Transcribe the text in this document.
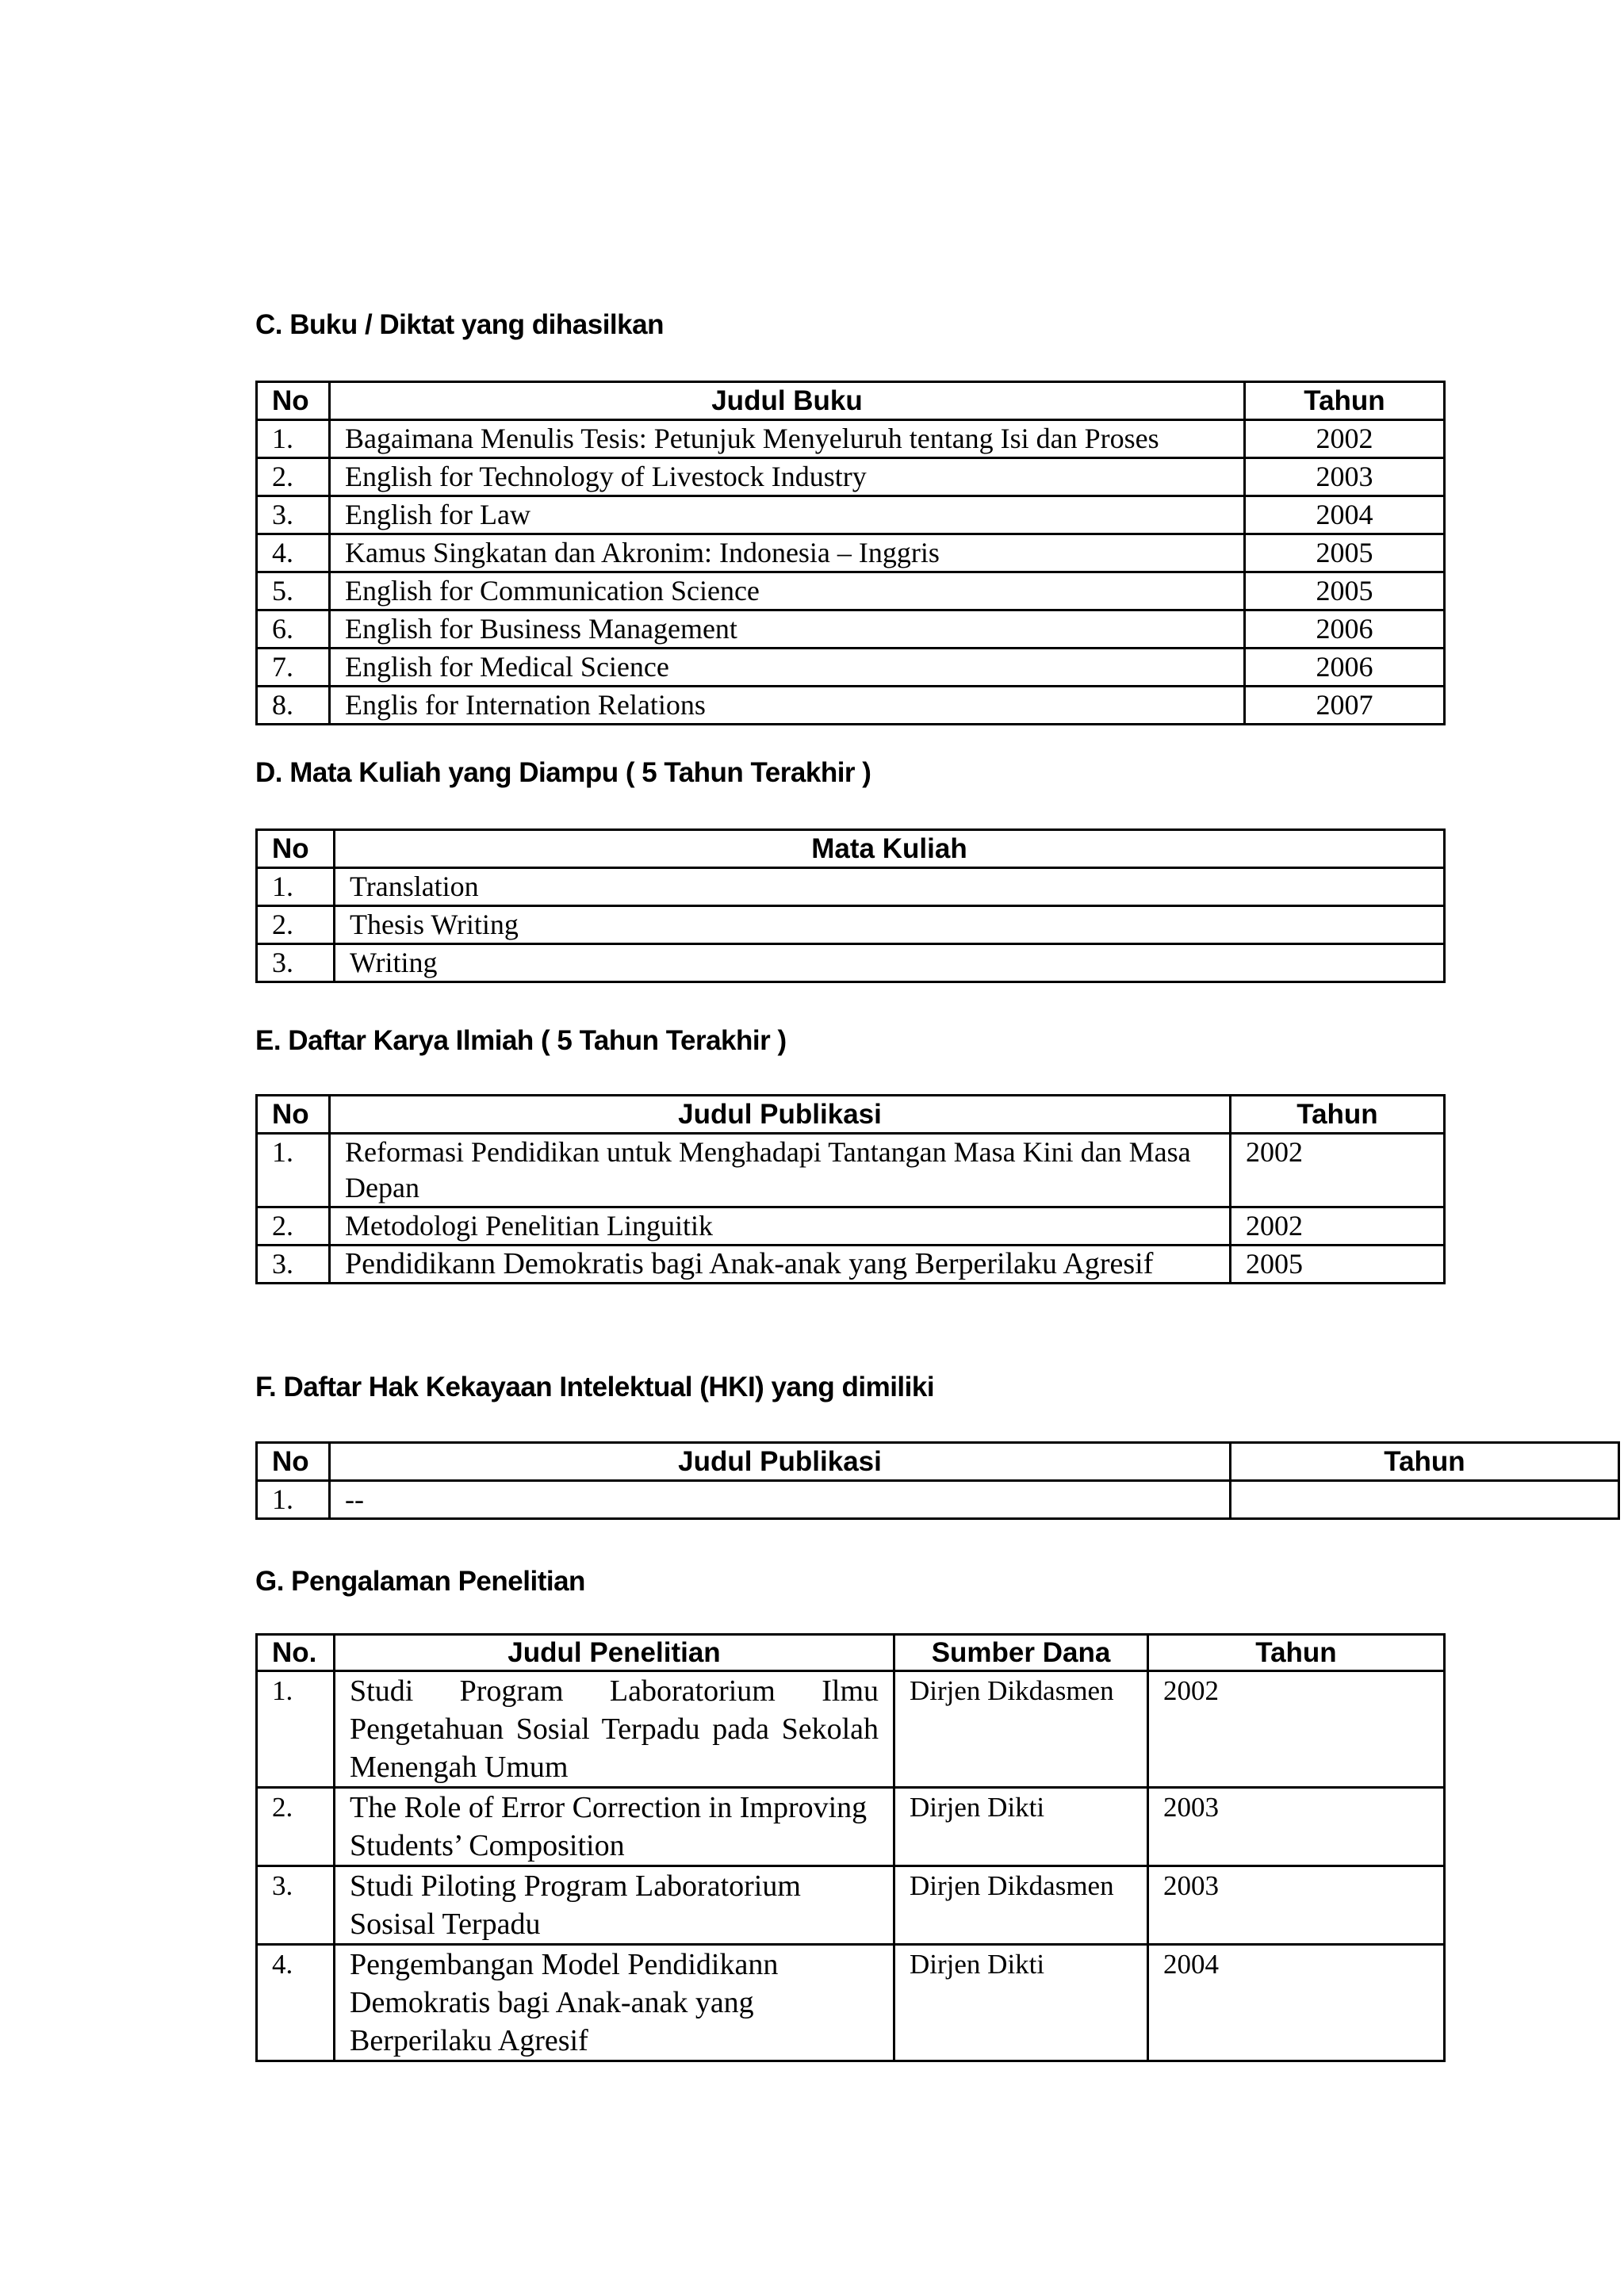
C. Buku / Diktat yang dihasilkan
No	Judul Buku	Tahun
1.	Bagaimana Menulis Tesis: Petunjuk Menyeluruh tentang Isi dan Proses	2002
2.	English for Technology of Livestock Industry	2003
3.	English for Law	2004
4.	Kamus Singkatan dan Akronim: Indonesia – Inggris	2005
5.	English for Communication Science	2005
6.	English for Business Management	2006
7.	English for Medical Science	2006
8.	Englis for Internation Relations	2007
D. Mata Kuliah yang Diampu ( 5 Tahun Terakhir )
No	Mata Kuliah
1.	Translation
2.	Thesis Writing
3.	Writing
E. Daftar Karya Ilmiah ( 5 Tahun Terakhir )
No	Judul Publikasi	Tahun
1.	Reformasi Pendidikan untuk Menghadapi Tantangan Masa Kini dan Masa Depan	2002
2.	Metodologi Penelitian Linguitik	2002
3.	Pendidikann Demokratis bagi Anak-anak yang Berperilaku Agresif	2005
F. Daftar Hak Kekayaan Intelektual (HKI) yang dimiliki
No	Judul Publikasi	Tahun
1.	--	
G. Pengalaman Penelitian
No.	Judul Penelitian	Sumber Dana	Tahun
1.	Studi Program Laboratorium Ilmu Pengetahuan Sosial Terpadu pada Sekolah Menengah Umum	Dirjen Dikdasmen	2002
2.	The Role of Error Correction in Improving Students’ Composition	Dirjen Dikti	2003
3.	Studi Piloting Program Laboratorium Sosisal Terpadu	Dirjen Dikdasmen	2003
4.	Pengembangan Model Pendidikann Demokratis bagi Anak-anak yang Berperilaku Agresif	Dirjen Dikti	2004
